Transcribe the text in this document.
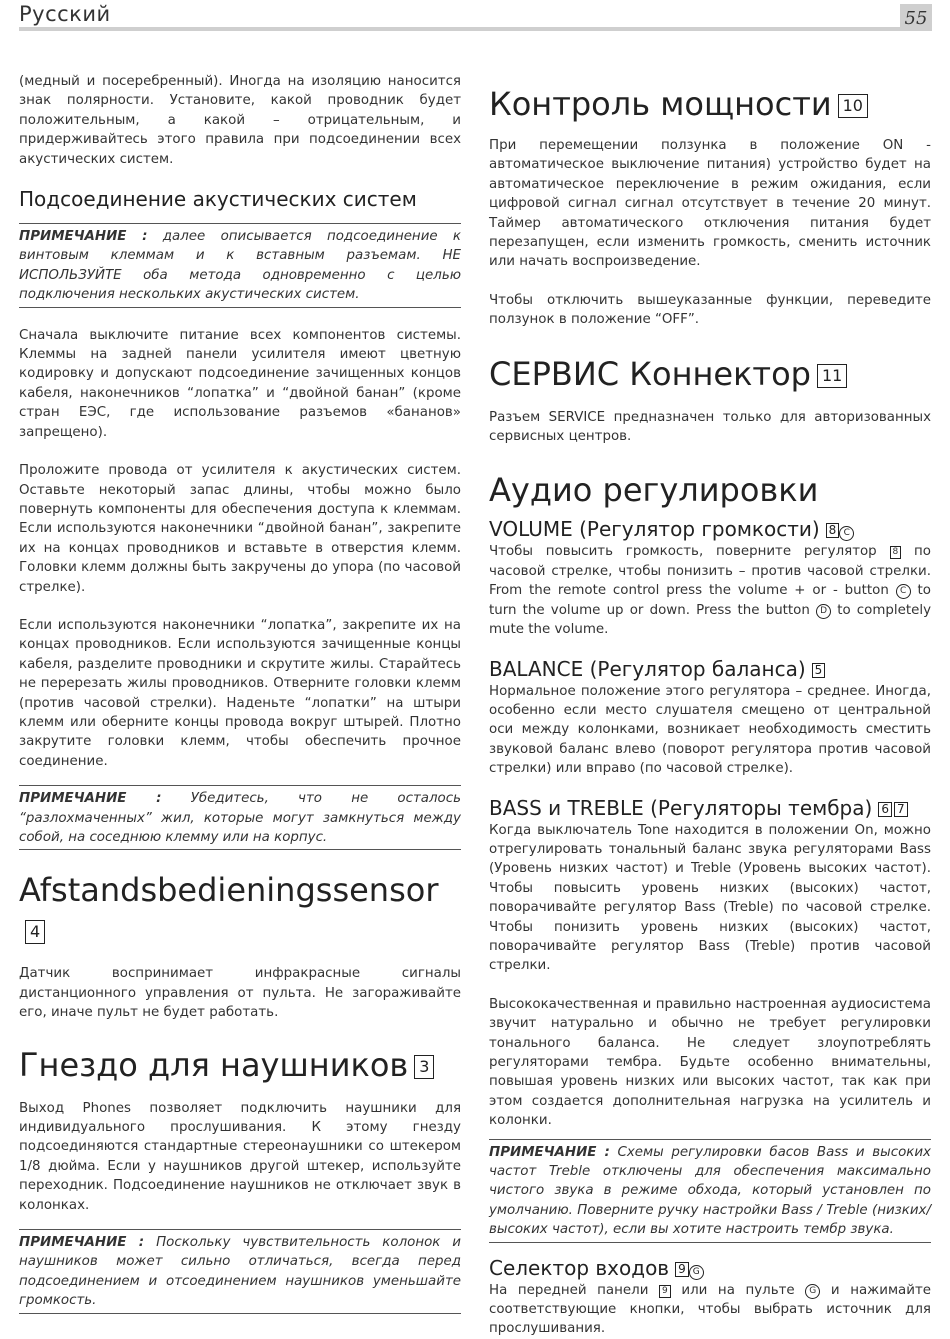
Русский	55

(медный и посеребренный). Иногда на изоляцию наносится знак полярности. Установите, какой проводник будет положительным, а какой – отрицательным, и придерживайтесь этого правила при подсоединении всех акустических систем.

Подсоединение акустических систем

ПРИМЕЧАНИЕ : далее описывается подсоединение к винтовым клеммам и к вставным разъемам. НЕ ИСПОЛЬЗУЙТЕ оба метода одновременно с целью подключения нескольких акустических систем.

Сначала выключите питание всех компонентов системы. Клеммы на задней панели усилителя имеют цветную кодировку и допускают подсоединение зачищенных концов кабеля, наконечников “лопатка” и “двойной банан” (кроме стран ЕЭС, где использование разъемов «бананов» запрещено).

Проложите провода от усилителя к акустических систем. Оставьте некоторый запас длины, чтобы можно было повернуть компоненты для обеспечения доступа к клеммам. Если используются наконечники “двойной банан”, закрепите их на концах проводников и вставьте в отверстия клемм. Головки клемм должны быть закручены до упора (по часовой стрелке).

Если используются наконечники “лопатка”, закрепите их на концах проводников. Если используются зачищенные концы кабеля, разделите проводники и скрутите жилы. Старайтесь не перерезать жилы проводников. Отверните головки клемм (против часовой стрелки). Наденьте “лопатки” на штыри клемм или оберните концы провода вокруг штырей. Плотно закрутите головки клемм, чтобы обеспечить прочное соединение.

ПРИМЕЧАНИЕ : Убедитесь, что не осталось “разлохмаченных” жил, которые могут замкнуться между собой, на соседнюю клемму или на корпус.

Afstandsbedieningssensor4

Датчик воспринимает инфракрасные сигналы дистанционного управления от пульта. Не загораживайте его, иначе пульт не будет работать.

Гнездо для наушников 3

Выход Phones позволяет подключить наушники для индивидуального прослушивания. К этому гнезду подсоединяются стандартные стереонаушники со штекером 1/8 дюйма. Если у наушников другой штекер, используйте переходник. Подсоединение наушников не отключает звук в колонках.

ПРИМЕЧАНИЕ : Поскольку чувствительность колонок и наушников может сильно отличаться, всегда перед подсоединением и отсоединением наушников уменьшайте громкость.

Контроль мощности 10

При перемещении ползунка в положение ON - автоматическое выключение питания) устройство будет на автоматическое переключение в режим ожидания, если цифровой сигнал сигнал отсутствует в течение 20 минут. Таймер автоматического отключения питания будет перезапущен, если изменить громкость, сменить источник или начать воспроизведение.

Чтобы отключить вышеуказанные функции, переведите ползунок в положение “OFF”.

СЕРВИС Коннектор 11

Разъем SERVICE предназначен только для авторизованных сервисных центров.

Аудио регулировки
VOLUME (Регулятор громкости) 8 C

Чтобы повысить громкость, поверните регулятор 8 по часовой стрелке, чтобы понизить – против часовой стрелки. From the remote control press the volume + or - button C to turn the volume up or down. Press the button D to completely mute the volume.

BALANCE (Регулятор баланса) 5

Нормальное положение этого регулятора – среднее. Иногда, особенно если место слушателя смещено от центральной оси между колонками, возникает необходимость сместить звуковой баланс влево (поворот регулятора против часовой стрелки) или вправо (по часовой стрелке).

BASS и TREBLE (Регуляторы тембра) 6 7

Когда выключатель Tone находится в положении On, можно отрегулировать тональный баланс звука регуляторами Bass (Уровень низких частот) и Treble (Уровень высоких частот). Чтобы повысить уровень низких (высоких) частот, поворачивайте регулятор Bass (Treble) по часовой стрелке. Чтобы понизить уровень низких (высоких) частот, поворачивайте регулятор Bass (Treble) против часовой стрелки.

Высококачественная и правильно настроенная аудиосистема звучит натурально и обычно не требует регулировки тонального баланса. Не следует злоупотреблять регуляторами тембра. Будьте особенно внимательны, повышая уровень низких или высоких частот, так как при этом создается дополнительная нагрузка на усилитель и колонки.

ПРИМЕЧАНИЕ : Схемы регулировки басов Bass и высоких частот Treble отключены для обеспечения максимально чистого звука в режиме обхода, который установлен по умолчанию. Поверните ручку настройки Bass / Treble (низких/высоких частот), если вы хотите настроить тембр звука.

Селектор входов 9 G

На передней панели 9 или на пульте G и нажимайте соответствующие кнопки, чтобы выбрать источник для прослушивания.
